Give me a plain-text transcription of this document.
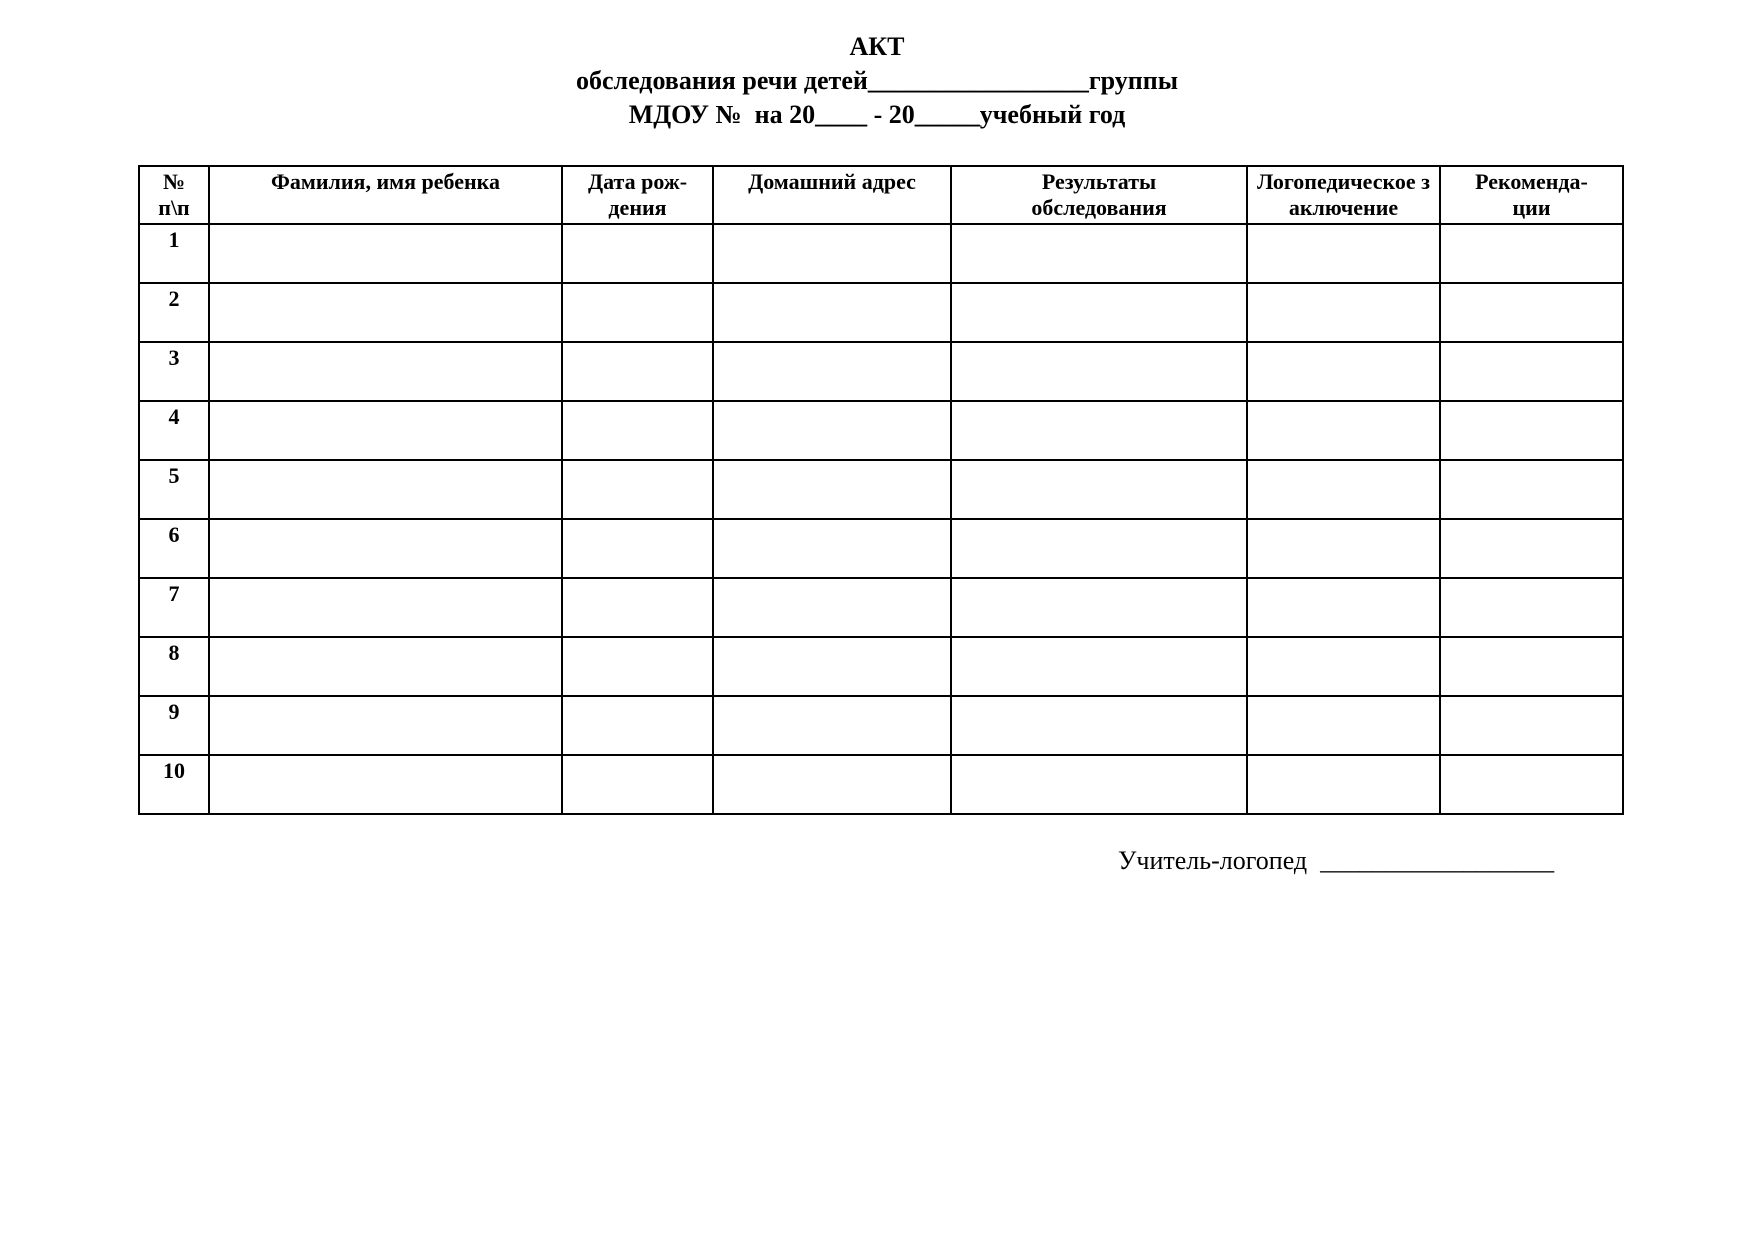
АКТ
обследования речи детей_________________группы
МДОУ №  на 20____ - 20_____учебный год
№ п\п	Фамилия, имя ребенка	Дата рож-дения	Домашний адрес	Результаты обследования	Логопедическое заключение	Рекоменда-ции
1						
2						
3						
4						
5						
6						
7						
8						
9						
10						
Учитель-логопед  __________________
